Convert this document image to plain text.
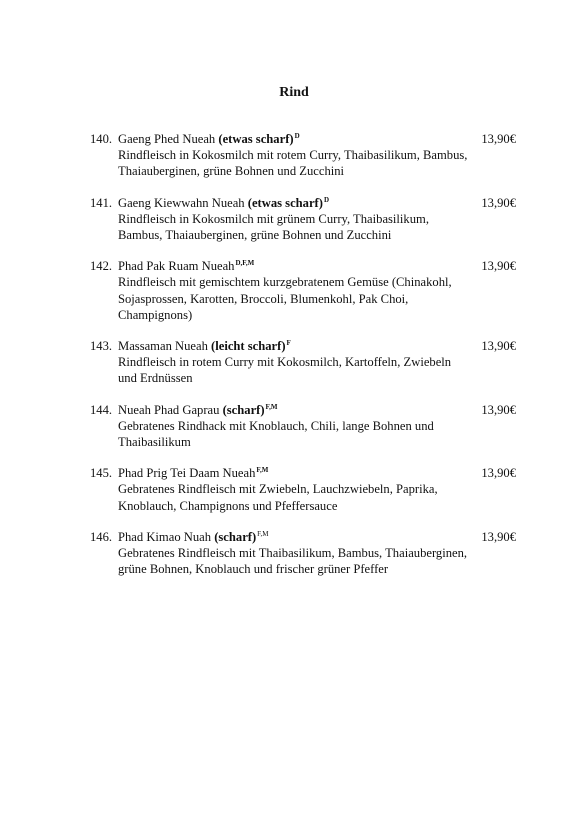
Rind
140. Gaeng Phed Nueah (etwas scharf)$^D$	13,90€
Rindfleisch in Kokosmilch mit rotem Curry, Thaibasilikum, Bambus, Thaiauberginen, grüne Bohnen und Zucchini
141. Gaeng Kiewwahn Nueah (etwas scharf)$^D$	13,90€
Rindfleisch in Kokosmilch mit grünem Curry, Thaibasilikum, Bambus, Thaiauberginen, grüne Bohnen und Zucchini
142. Phad Pak Ruam Nueah$^{D,F,M}$	13,90€
Rindfleisch mit gemischtem kurzgebratenem Gemüse (Chinakohl, Sojasprossen, Karotten, Broccoli, Blumenkohl, Pak Choi, Champignons)
143. Massaman Nueah (leicht scharf)$^F$	13,90€
Rindfleisch in rotem Curry mit Kokosmilch, Kartoffeln, Zwiebeln und Erdnüssen
144. Nueah Phad Gaprau (scharf)$^{F,M}$	13,90€
Gebratenes Rindhack mit Knoblauch, Chili, lange Bohnen und Thaibasilikum
145. Phad Prig Tei Daam Nueah$^{F,M}$	13,90€
Gebratenes Rindfleisch mit Zwiebeln, Lauchzwiebeln, Paprika, Knoblauch, Champignons und Pfeffersauce
146. Phad Kimao Nuah (scharf)$^{F,M}$	13,90€
Gebratenes Rindfleisch mit Thaibasilikum, Bambus, Thaiauberginen, grüne Bohnen, Knoblauch und frischer grüner Pfeffer
